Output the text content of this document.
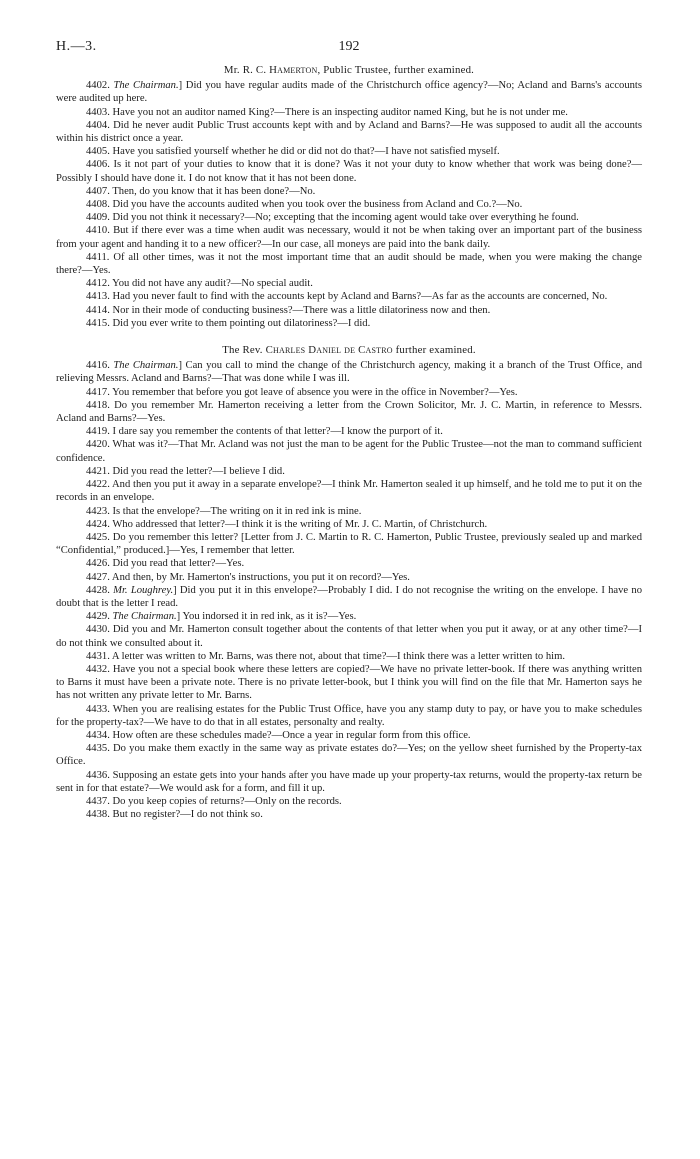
H.—3.	192
Mr. R. C. Hamerton, Public Trustee, further examined.

4402. The Chairman.] Did you have regular audits made of the Christchurch office agency?—No; Acland and Barns's accounts were audited up here.

4403. Have you not an auditor named King?—There is an inspecting auditor named King, but he is not under me.

4404. Did he never audit Public Trust accounts kept with and by Acland and Barns?—He was supposed to audit all the accounts within his district once a year.

4405. Have you satisfied yourself whether he did or did not do that?—I have not satisfied myself.

4406. Is it not part of your duties to know that it is done? Was it not your duty to know whether that work was being done?—Possibly I should have done it. I do not know that it has not been done.

4407. Then, do you know that it has been done?—No.

4408. Did you have the accounts audited when you took over the business from Acland and Co.?—No.

4409. Did you not think it necessary?—No; excepting that the incoming agent would take over everything he found.

4410. But if there ever was a time when audit was necessary, would it not be when taking over an important part of the business from your agent and handing it to a new officer?—In our case, all moneys are paid into the bank daily.

4411. Of all other times, was it not the most important time that an audit should be made, when you were making the change there?—Yes.

4412. You did not have any audit?—No special audit.

4413. Had you never fault to find with the accounts kept by Acland and Barns?—As far as the accounts are concerned, No.

4414. Nor in their mode of conducting business?—There was a little dilatoriness now and then.

4415. Did you ever write to them pointing out dilatoriness?—I did.

The Rev. Charles Daniel de Castro further examined.

4416. The Chairman.] Can you call to mind the change of the Christchurch agency, making it a branch of the Trust Office, and relieving Messrs. Acland and Barns?—That was done while I was ill.

4417. You remember that before you got leave of absence you were in the office in November?—Yes.

4418. Do you remember Mr. Hamerton receiving a letter from the Crown Solicitor, Mr. J. C. Martin, in reference to Messrs. Acland and Barns?—Yes.

4419. I dare say you remember the contents of that letter?—I know the purport of it.

4420. What was it?—That Mr. Acland was not just the man to be agent for the Public Trustee—not the man to command sufficient confidence.

4421. Did you read the letter?—I believe I did.

4422. And then you put it away in a separate envelope?—I think Mr. Hamerton sealed it up himself, and he told me to put it on the records in an envelope.

4423. Is that the envelope?—The writing on it in red ink is mine.

4424. Who addressed that letter?—I think it is the writing of Mr. J. C. Martin, of Christchurch.

4425. Do you remember this letter? [Letter from J. C. Martin to R. C. Hamerton, Public Trustee, previously sealed up and marked “Confidential,” produced.]—Yes, I remember that letter.

4426. Did you read that letter?—Yes.

4427. And then, by Mr. Hamerton's instructions, you put it on record?—Yes.

4428. Mr. Loughrey.] Did you put it in this envelope?—Probably I did. I do not recognise the writing on the envelope. I have no doubt that is the letter I read.

4429. The Chairman.] You indorsed it in red ink, as it is?—Yes.

4430. Did you and Mr. Hamerton consult together about the contents of that letter when you put it away, or at any other time?—I do not think we consulted about it.

4431. A letter was written to Mr. Barns, was there not, about that time?—I think there was a letter written to him.

4432. Have you not a special book where these letters are copied?—We have no private letter-book. If there was anything written to Barns it must have been a private note. There is no private letter-book, but I think you will find on the file that Mr. Hamerton says he has not written any private letter to Mr. Barns.

4433. When you are realising estates for the Public Trust Office, have you any stamp duty to pay, or have you to make schedules for the property-tax?—We have to do that in all estates, personalty and realty.

4434. How often are these schedules made?—Once a year in regular form from this office.

4435. Do you make them exactly in the same way as private estates do?—Yes; on the yellow sheet furnished by the Property-tax Office.

4436. Supposing an estate gets into your hands after you have made up your property-tax returns, would the property-tax return be sent in for that estate?—We would ask for a form, and fill it up.

4437. Do you keep copies of returns?—Only on the records.

4438. But no register?—I do not think so.
